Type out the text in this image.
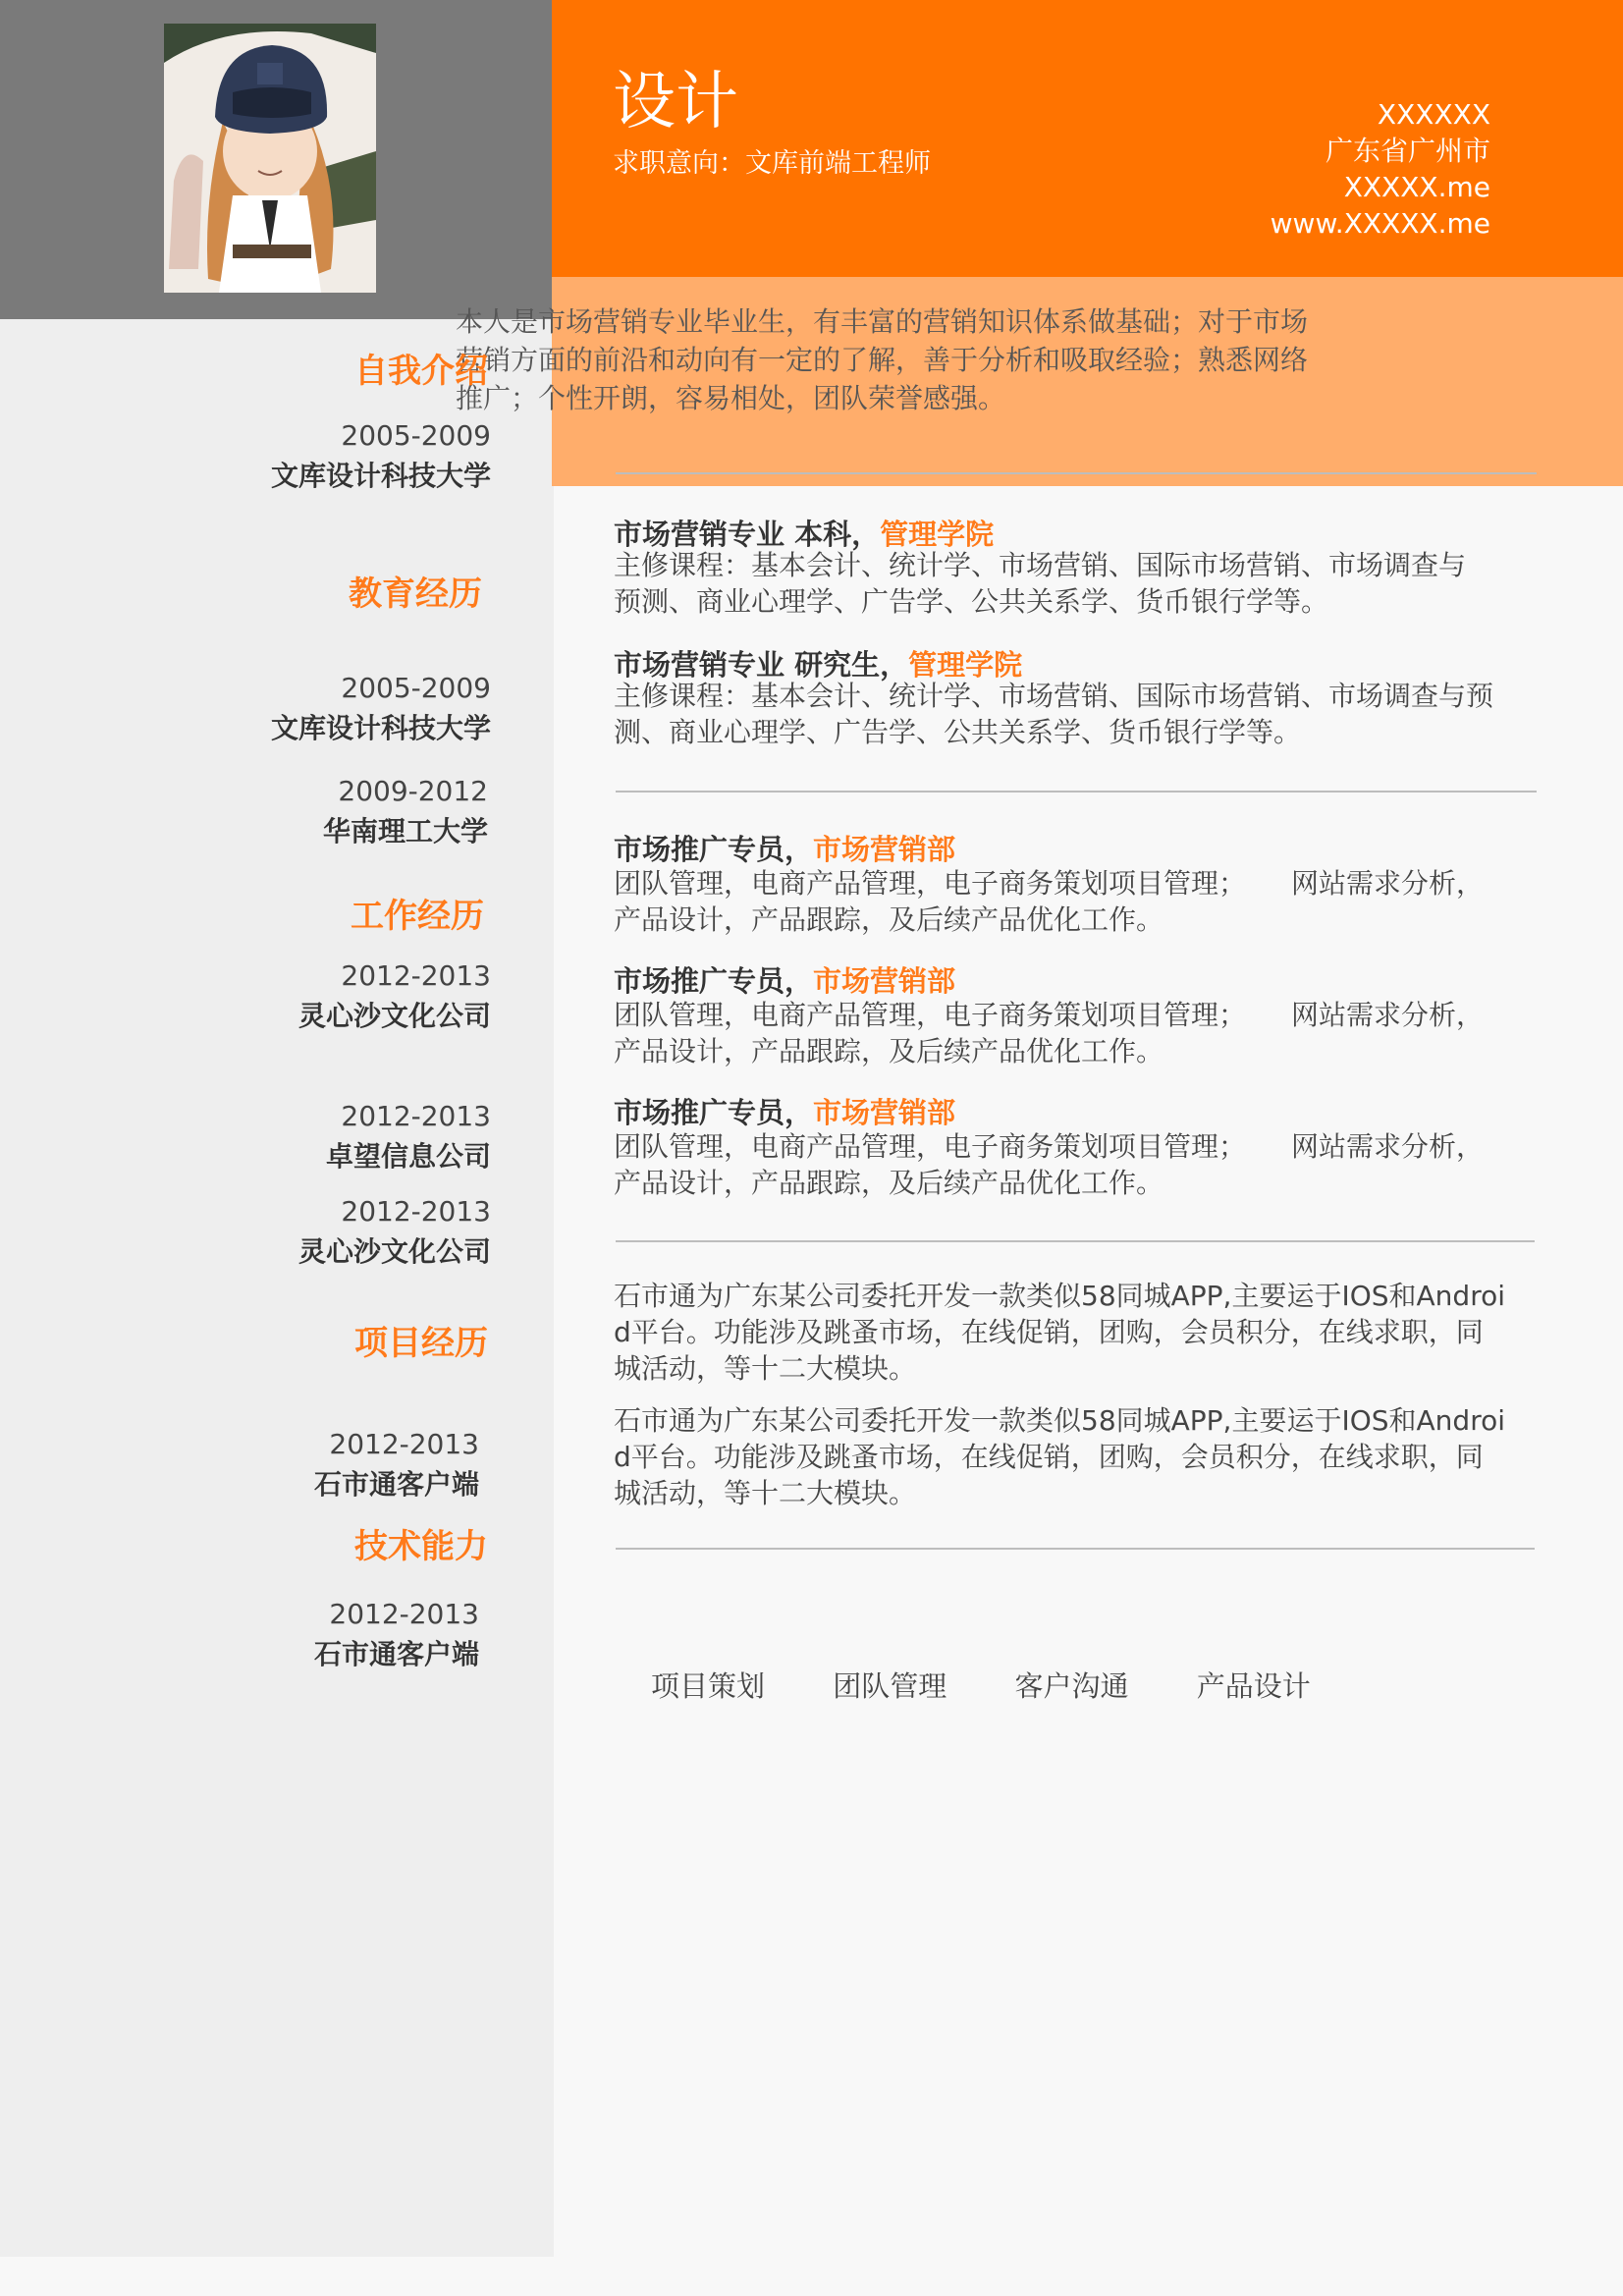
设计
求职意向：文库前端工程师
XXXXXX
广东省广州市
XXXXX.me
www.XXXXX.me
本人是市场营销专业毕业生，有丰富的营销知识体系做基础；对于市场
营销方面的前沿和动向有一定的了解，善于分析和吸取经验；熟悉网络
推广；个性开朗，容易相处，团队荣誉感强。
自我介绍
2005-2009
文库设计科技大学
教育经历
2005-2009
文库设计科技大学
2009-2012
华南理工大学
工作经历
2012-2013
灵心沙文化公司
2012-2013
卓望信息公司
2012-2013
灵心沙文化公司
项目经历
2012-2013
石市通客户端
技术能力
2012-2013
石市通客户端
市场营销专业 本科，管理学院
主修课程：基本会计、统计学、市场营销、国际市场营销、市场调查与
预测、商业心理学、广告学、公共关系学、货币银行学等。
市场营销专业 研究生，管理学院
主修课程：基本会计、统计学、市场营销、国际市场营销、市场调查与预
测、商业心理学、广告学、公共关系学、货币银行学等。
市场推广专员，市场营销部
团队管理，电商产品管理，电子商务策划项目管理； 网站需求分析，
产品设计，产品跟踪，及后续产品优化工作。
市场推广专员，市场营销部
团队管理，电商产品管理，电子商务策划项目管理； 网站需求分析，
产品设计，产品跟踪，及后续产品优化工作。
市场推广专员，市场营销部
团队管理，电商产品管理，电子商务策划项目管理； 网站需求分析，
产品设计，产品跟踪，及后续产品优化工作。
石市通为广东某公司委托开发一款类似58同城APP,主要运于IOS和Androi
d平台。功能涉及跳蚤市场，在线促销，团购，会员积分，在线求职，同
城活动，等十二大模块。
石市通为广东某公司委托开发一款类似58同城APP,主要运于IOS和Androi
d平台。功能涉及跳蚤市场，在线促销，团购，会员积分，在线求职，同
城活动，等十二大模块。
项目策划 团队管理 客户沟通 产品设计
